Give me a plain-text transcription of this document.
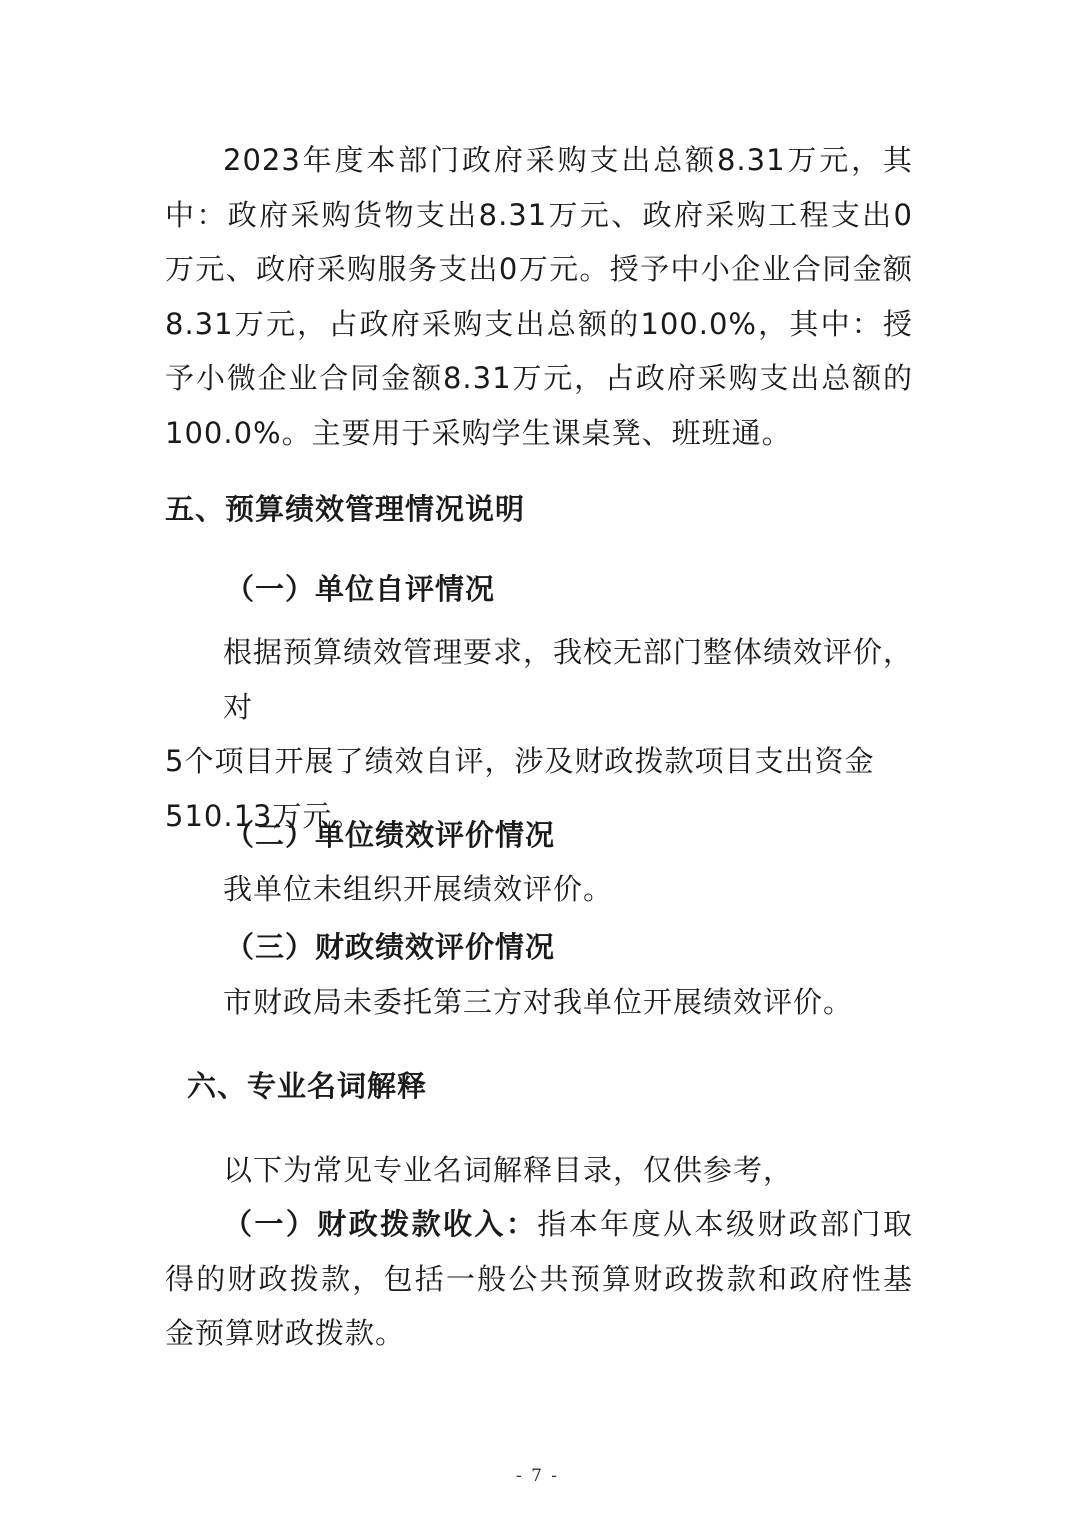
2023年度本部门政府采购支出总额8.31万元，其中：政府采购货物支出8.31万元、政府采购工程支出0万元、政府采购服务支出0万元。授予中小企业合同金额8.31万元，占政府采购支出总额的100.0%，其中：授予小微企业合同金额8.31万元，占政府采购支出总额的100.0%。主要用于采购学生课桌凳、班班通。

五、预算绩效管理情况说明
（一）单位自评情况
根据预算绩效管理要求，我校无部门整体绩效评价，对
5个项目开展了绩效自评，涉及财政拨款项目支出资金
510.13万元。
（二）单位绩效评价情况

我单位未组织开展绩效评价。

（三）财政绩效评价情况

市财政局未委托第三方对我单位开展绩效评价。

六、专业名词解释

以下为常见专业名词解释目录，仅供参考，

（一）财政拨款收入：指本年度从本级财政部门取得的财政拨款，包括一般公共预算财政拨款和政府性基金预算财政拨款。

- 7 -
